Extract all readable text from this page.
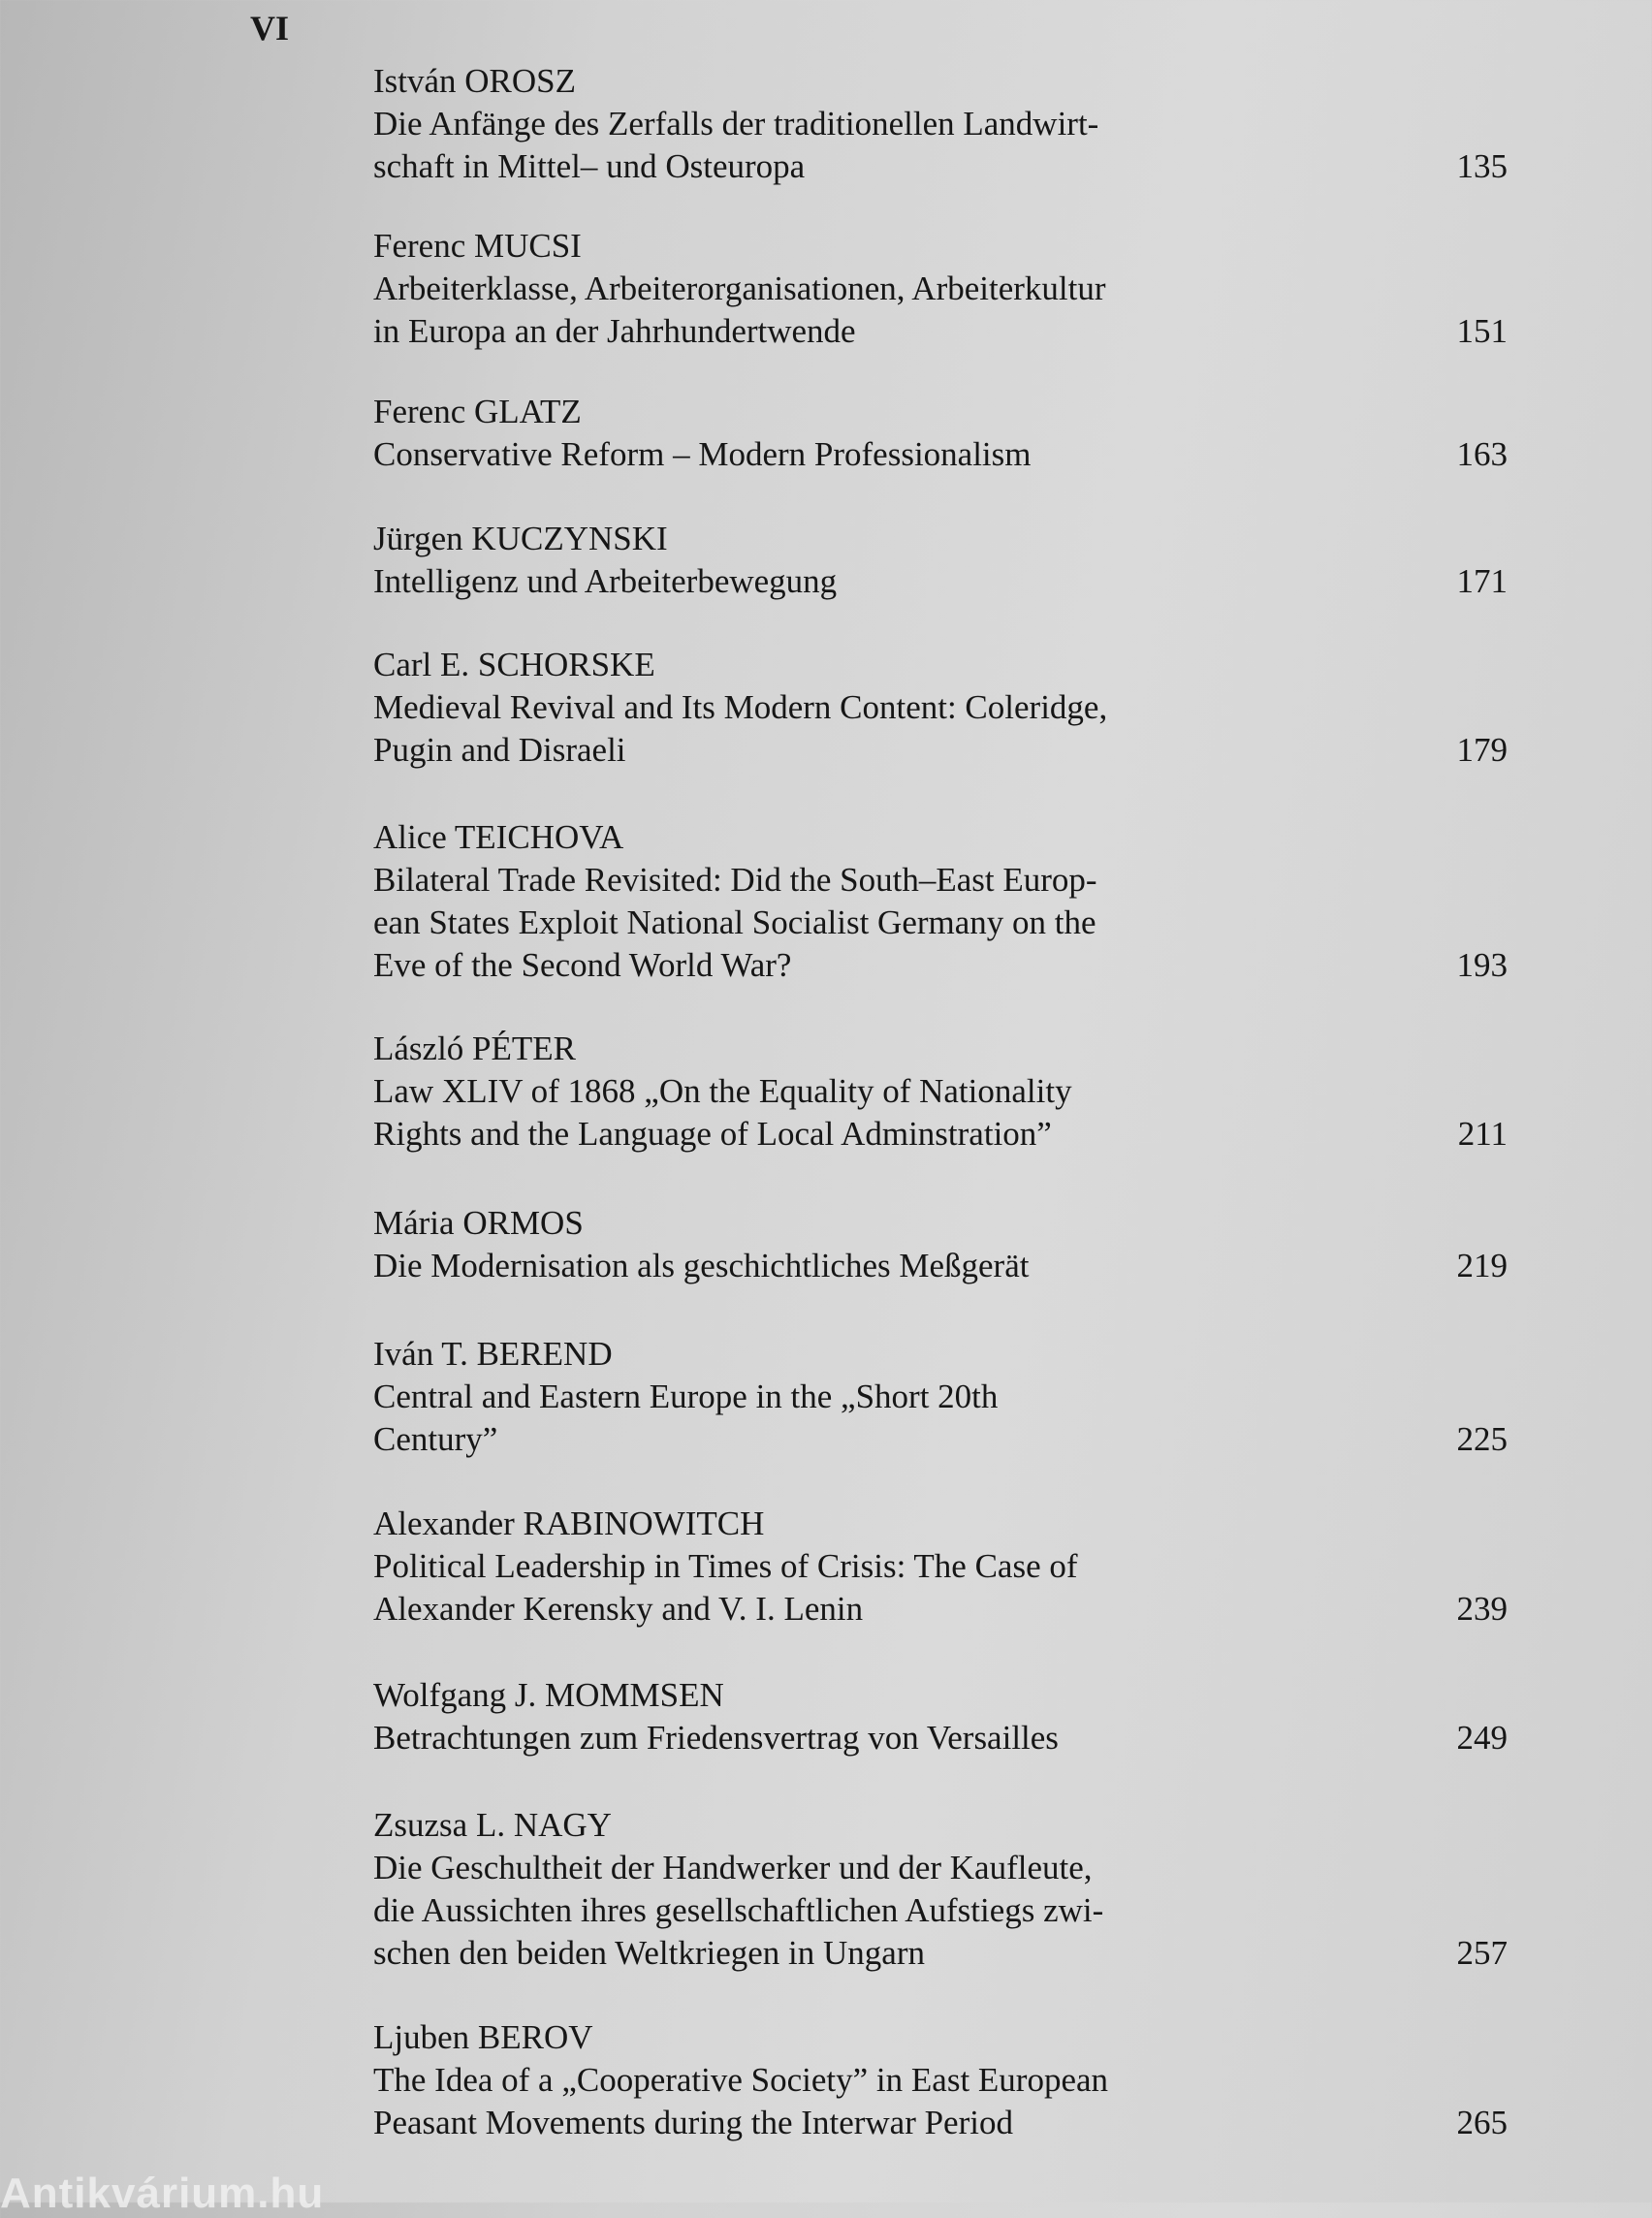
VI
István OROSZ
Die Anfänge des Zerfalls der traditionellen Landwirt-
schaft in Mittel– und Osteuropa	135
Ferenc MUCSI
Arbeiterklasse, Arbeiterorganisationen, Arbeiterkultur
in Europa an der Jahrhundertwende	151
Ferenc GLATZ
Conservative Reform – Modern Professionalism	163
Jürgen KUCZYNSKI
Intelligenz und Arbeiterbewegung	171
Carl E. SCHORSKE
Medieval Revival and Its Modern Content: Coleridge,
Pugin and Disraeli	179
Alice TEICHOVA
Bilateral Trade Revisited: Did the South–East Europ-
ean States Exploit National Socialist Germany on the
Eve of the Second World War?	193
László PÉTER
Law XLIV of 1868 „On the Equality of Nationality
Rights and the Language of Local Adminstration”	211
Mária ORMOS
Die Modernisation als geschichtliches Meßgerät	219
Iván T. BEREND
Central and Eastern Europe in the „Short 20th
Century”	225
Alexander RABINOWITCH
Political Leadership in Times of Crisis: The Case of
Alexander Kerensky and V. I. Lenin	239
Wolfgang J. MOMMSEN
Betrachtungen zum Friedensvertrag von Versailles	249
Zsuzsa L. NAGY
Die Geschultheit der Handwerker und der Kaufleute,
die Aussichten ihres gesellschaftlichen Aufstiegs zwi-
schen den beiden Weltkriegen in Ungarn	257
Ljuben BEROV
The Idea of a „Cooperative Society” in East European
Peasant Movements during the Interwar Period	265
Antikvárium.hu
